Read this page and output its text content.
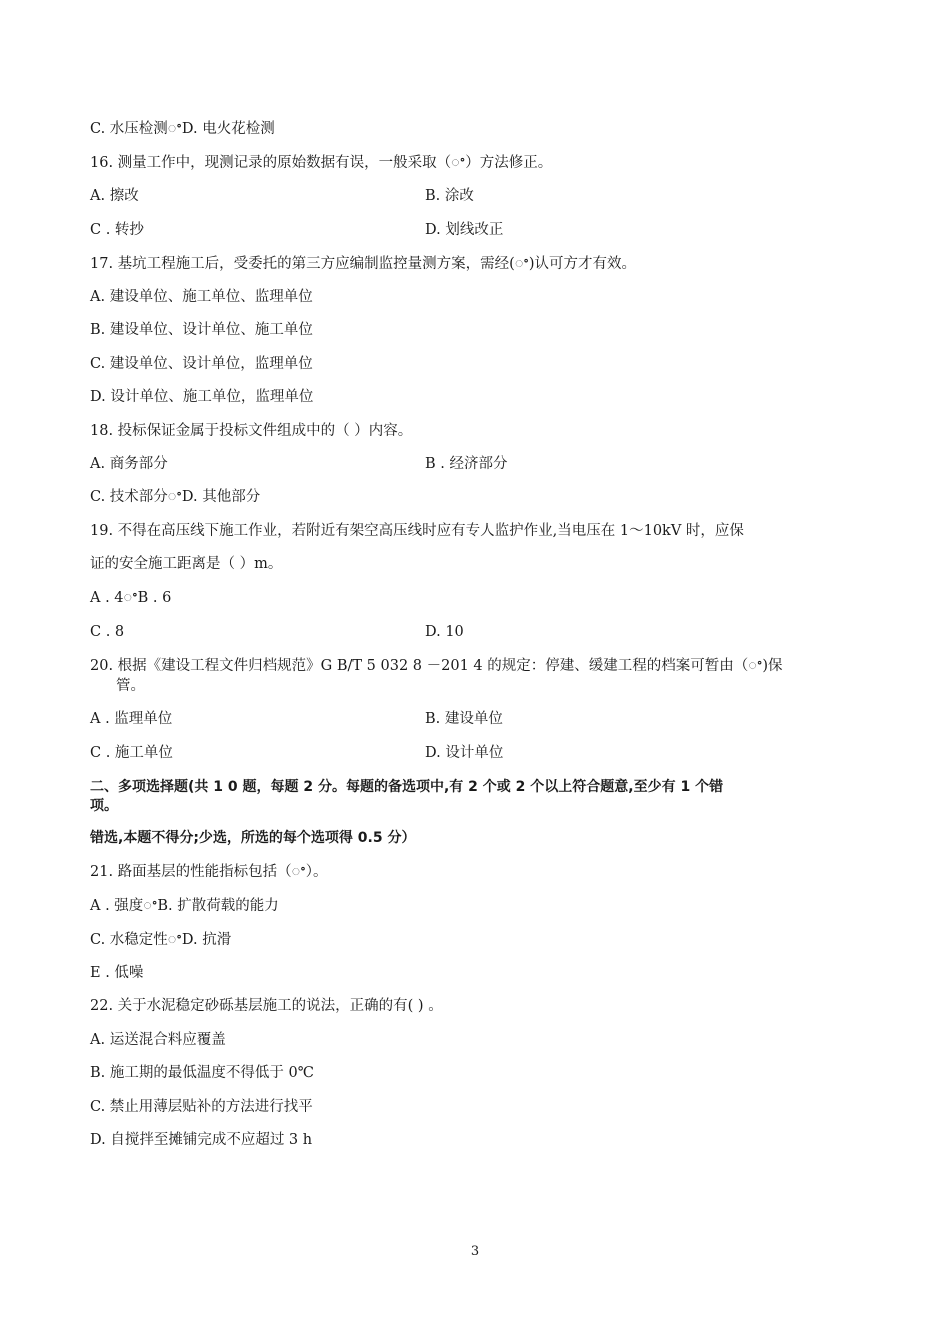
C. 水压检测ꢀD. 电火花检测
16. 测量工作中，现测记录的原始数据有误，一般采取（ꢀ）方法修正。
A. 擦改	B. 涂改
C . 转抄	D. 划线改正
17. 基坑工程施工后，受委托的第三方应编制监控量测方案，需经(ꢀ)认可方才有效。
A. 建设单位、施工单位、监理单位
B. 建设单位、设计单位、施工单位
C. 建设单位、设计单位，监理单位
D. 设计单位、施工单位，监理单位
18. 投标保证金属于投标文件组成中的（ ）内容。
A. 商务部分	B . 经济部分
C. 技术部分ꢀD. 其他部分
19. 不得在高压线下施工作业，若附近有架空高压线时应有专人监护作业,当电压在 1～10kV 时，应保
证的安全施工距离是（ ）m。
A . 4ꢀB . 6
C . 8	D. 10
20. 根据《建设工程文件归档规范》G B/T 5 032 8 －201 4 的规定：停建、缓建工程的档案可暂由（ꢀ)保
管。
A . 监理单位	B. 建设单位
C . 施工单位	D. 设计单位
二、多项选择题(共 1 0 题，每题 2 分。每题的备选项中,有 2 个或 2 个以上符合题意,至少有 1 个错
项。
错选,本题不得分;少选，所选的每个选项得 0.5 分）
21. 路面基层的性能指标包括（ꢀ）。
A . 强度ꢀB. 扩散荷载的能力
C. 水稳定性ꢀD. 抗滑
E . 低噪
22. 关于水泥稳定砂砾基层施工的说法，正确的有( ) 。
A. 运送混合料应覆盖
B. 施工期的最低温度不得低于 0℃
C. 禁止用薄层贴补的方法进行找平
D. 自搅拌至摊铺完成不应超过 3 h
3
